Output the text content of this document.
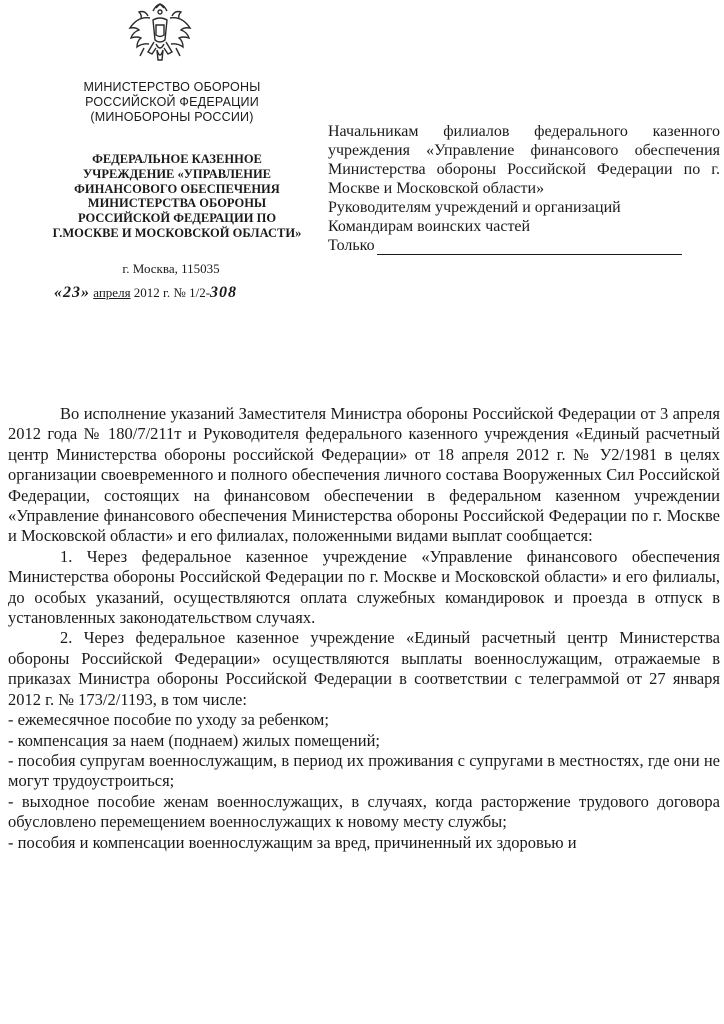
МИНИСТЕРСТВО ОБОРОНЫ
РОССИЙСКОЙ ФЕДЕРАЦИИ
(МИНОБОРОНЫ РОССИИ)
ФЕДЕРАЛЬНОЕ КАЗЕННОЕ
УЧРЕЖДЕНИЕ «УПРАВЛЕНИЕ
ФИНАНСОВОГО ОБЕСПЕЧЕНИЯ
МИНИСТЕРСТВА ОБОРОНЫ
РОССИЙСКОЙ ФЕДЕРАЦИИ ПО
Г.МОСКВЕ И МОСКОВСКОЙ ОБЛАСТИ»
г. Москва, 115035
«23» апреля 2012 г. № 1/2-308
Начальникам филиалов федерального казенного учреждения «Управление финансового обеспечения Министерства обороны Российской Федерации по г. Москве и Московской области»
Руководителям учреждений и организаций
Командирам воинских частей
Только

Во исполнение указаний Заместителя Министра обороны Российской Федерации от 3 апреля 2012 года № 180/7/211т и Руководителя федерального казенного учреждения «Единый расчетный центр Министерства обороны российской Федерации» от 18 апреля 2012 г. № У2/1981 в целях организации своевременного и полного обеспечения личного состава Вооруженных Сил Российской Федерации, состоящих на финансовом обеспечении в федеральном казенном учреждении «Управление финансового обеспечения Министерства обороны Российской Федерации по г. Москве и Московской области» и его филиалах, положенными видами выплат сообщается:

1. Через федеральное казенное учреждение «Управление финансового обеспечения Министерства обороны Российской Федерации по г. Москве и Московской области» и его филиалы, до особых указаний, осуществляются оплата служебных командировок и проезда в отпуск в установленных законодательством случаях.

2. Через федеральное казенное учреждение «Единый расчетный центр Министерства обороны Российской Федерации» осуществляются выплаты военнослужащим, отражаемые в приказах Министра обороны Российской Федерации в соответствии с телеграммой от 27 января 2012 г. № 173/2/1193, в том числе:

- ежемесячное пособие по уходу за ребенком;

- компенсация за наем (поднаем) жилых помещений;

- пособия супругам военнослужащим, в период их проживания с супругами в местностях, где они не могут трудоустроиться;

- выходное пособие женам военнослужащих, в случаях, когда расторжение трудового договора обусловлено перемещением военнослужащих к новому месту службы;

- пособия и компенсации военнослужащим за вред, причиненный их здоровью и
